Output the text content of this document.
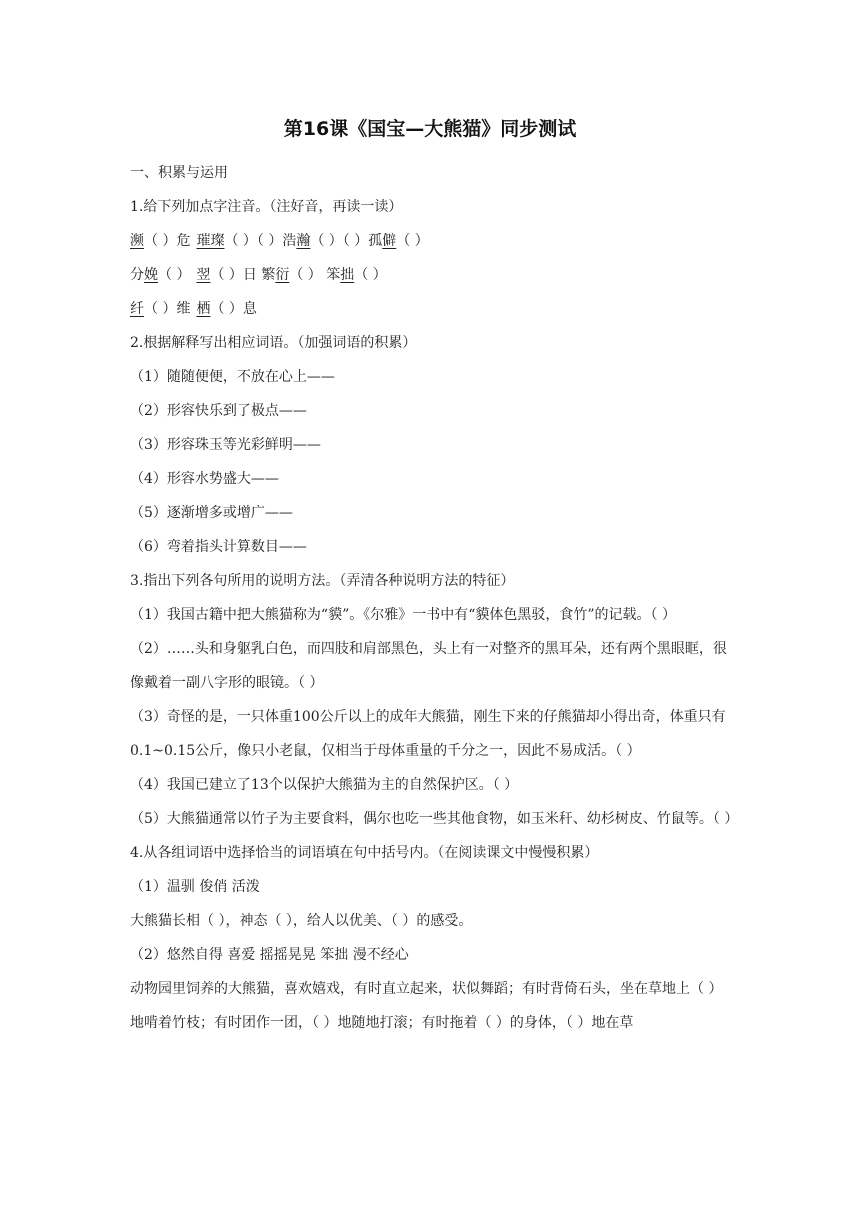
第16课《国宝—大熊猫》同步测试

一、积累与运用

1.给下列加点字注音。（注好音，再读一读）

濒（ ）危 璀璨（ ）（ ）浩瀚（ ）（ ）孤僻（ ）

分娩（ ） 翌（ ）日 繁衍（ ） 笨拙（ ）

纤（ ）维 栖（ ）息

2.根据解释写出相应词语。（加强词语的积累）

（1）随随便便，不放在心上——

（2）形容快乐到了极点——

（3）形容珠玉等光彩鲜明——

（4）形容水势盛大——

（5）逐渐增多或增广——

（6）弯着指头计算数目——

3.指出下列各句所用的说明方法。（弄清各种说明方法的特征）

（1）我国古籍中把大熊猫称为“貘”。《尔雅》一书中有“貘体色黑驳，食竹”的记载。（ ）

（2）……头和身躯乳白色，而四肢和肩部黑色，头上有一对整齐的黑耳朵，还有两个黑眼眶，很像戴着一副八字形的眼镜。（ ）

（3）奇怪的是，一只体重100公斤以上的成年大熊猫，刚生下来的仔熊猫却小得出奇，体重只有0.1~0.15公斤，像只小老鼠，仅相当于母体重量的千分之一，因此不易成活。（ ）

（4）我国已建立了13个以保护大熊猫为主的自然保护区。（ ）

（5）大熊猫通常以竹子为主要食料，偶尔也吃一些其他食物，如玉米秆、幼杉树皮、竹鼠等。（ ）

4.从各组词语中选择恰当的词语填在句中括号内。（在阅读课文中慢慢积累）

（1）温驯 俊俏 活泼

大熊猫长相（ ），神态（ ），给人以优美、（ ）的感受。

（2）悠然自得 喜爱 摇摇晃晃 笨拙 漫不经心

动物园里饲养的大熊猫，喜欢嬉戏，有时直立起来，状似舞蹈；有时背倚石头，坐在草地上（ ）地啃着竹枝；有时团作一团，（ ）地随地打滚；有时拖着（ ）的身体，（ ）地在草
